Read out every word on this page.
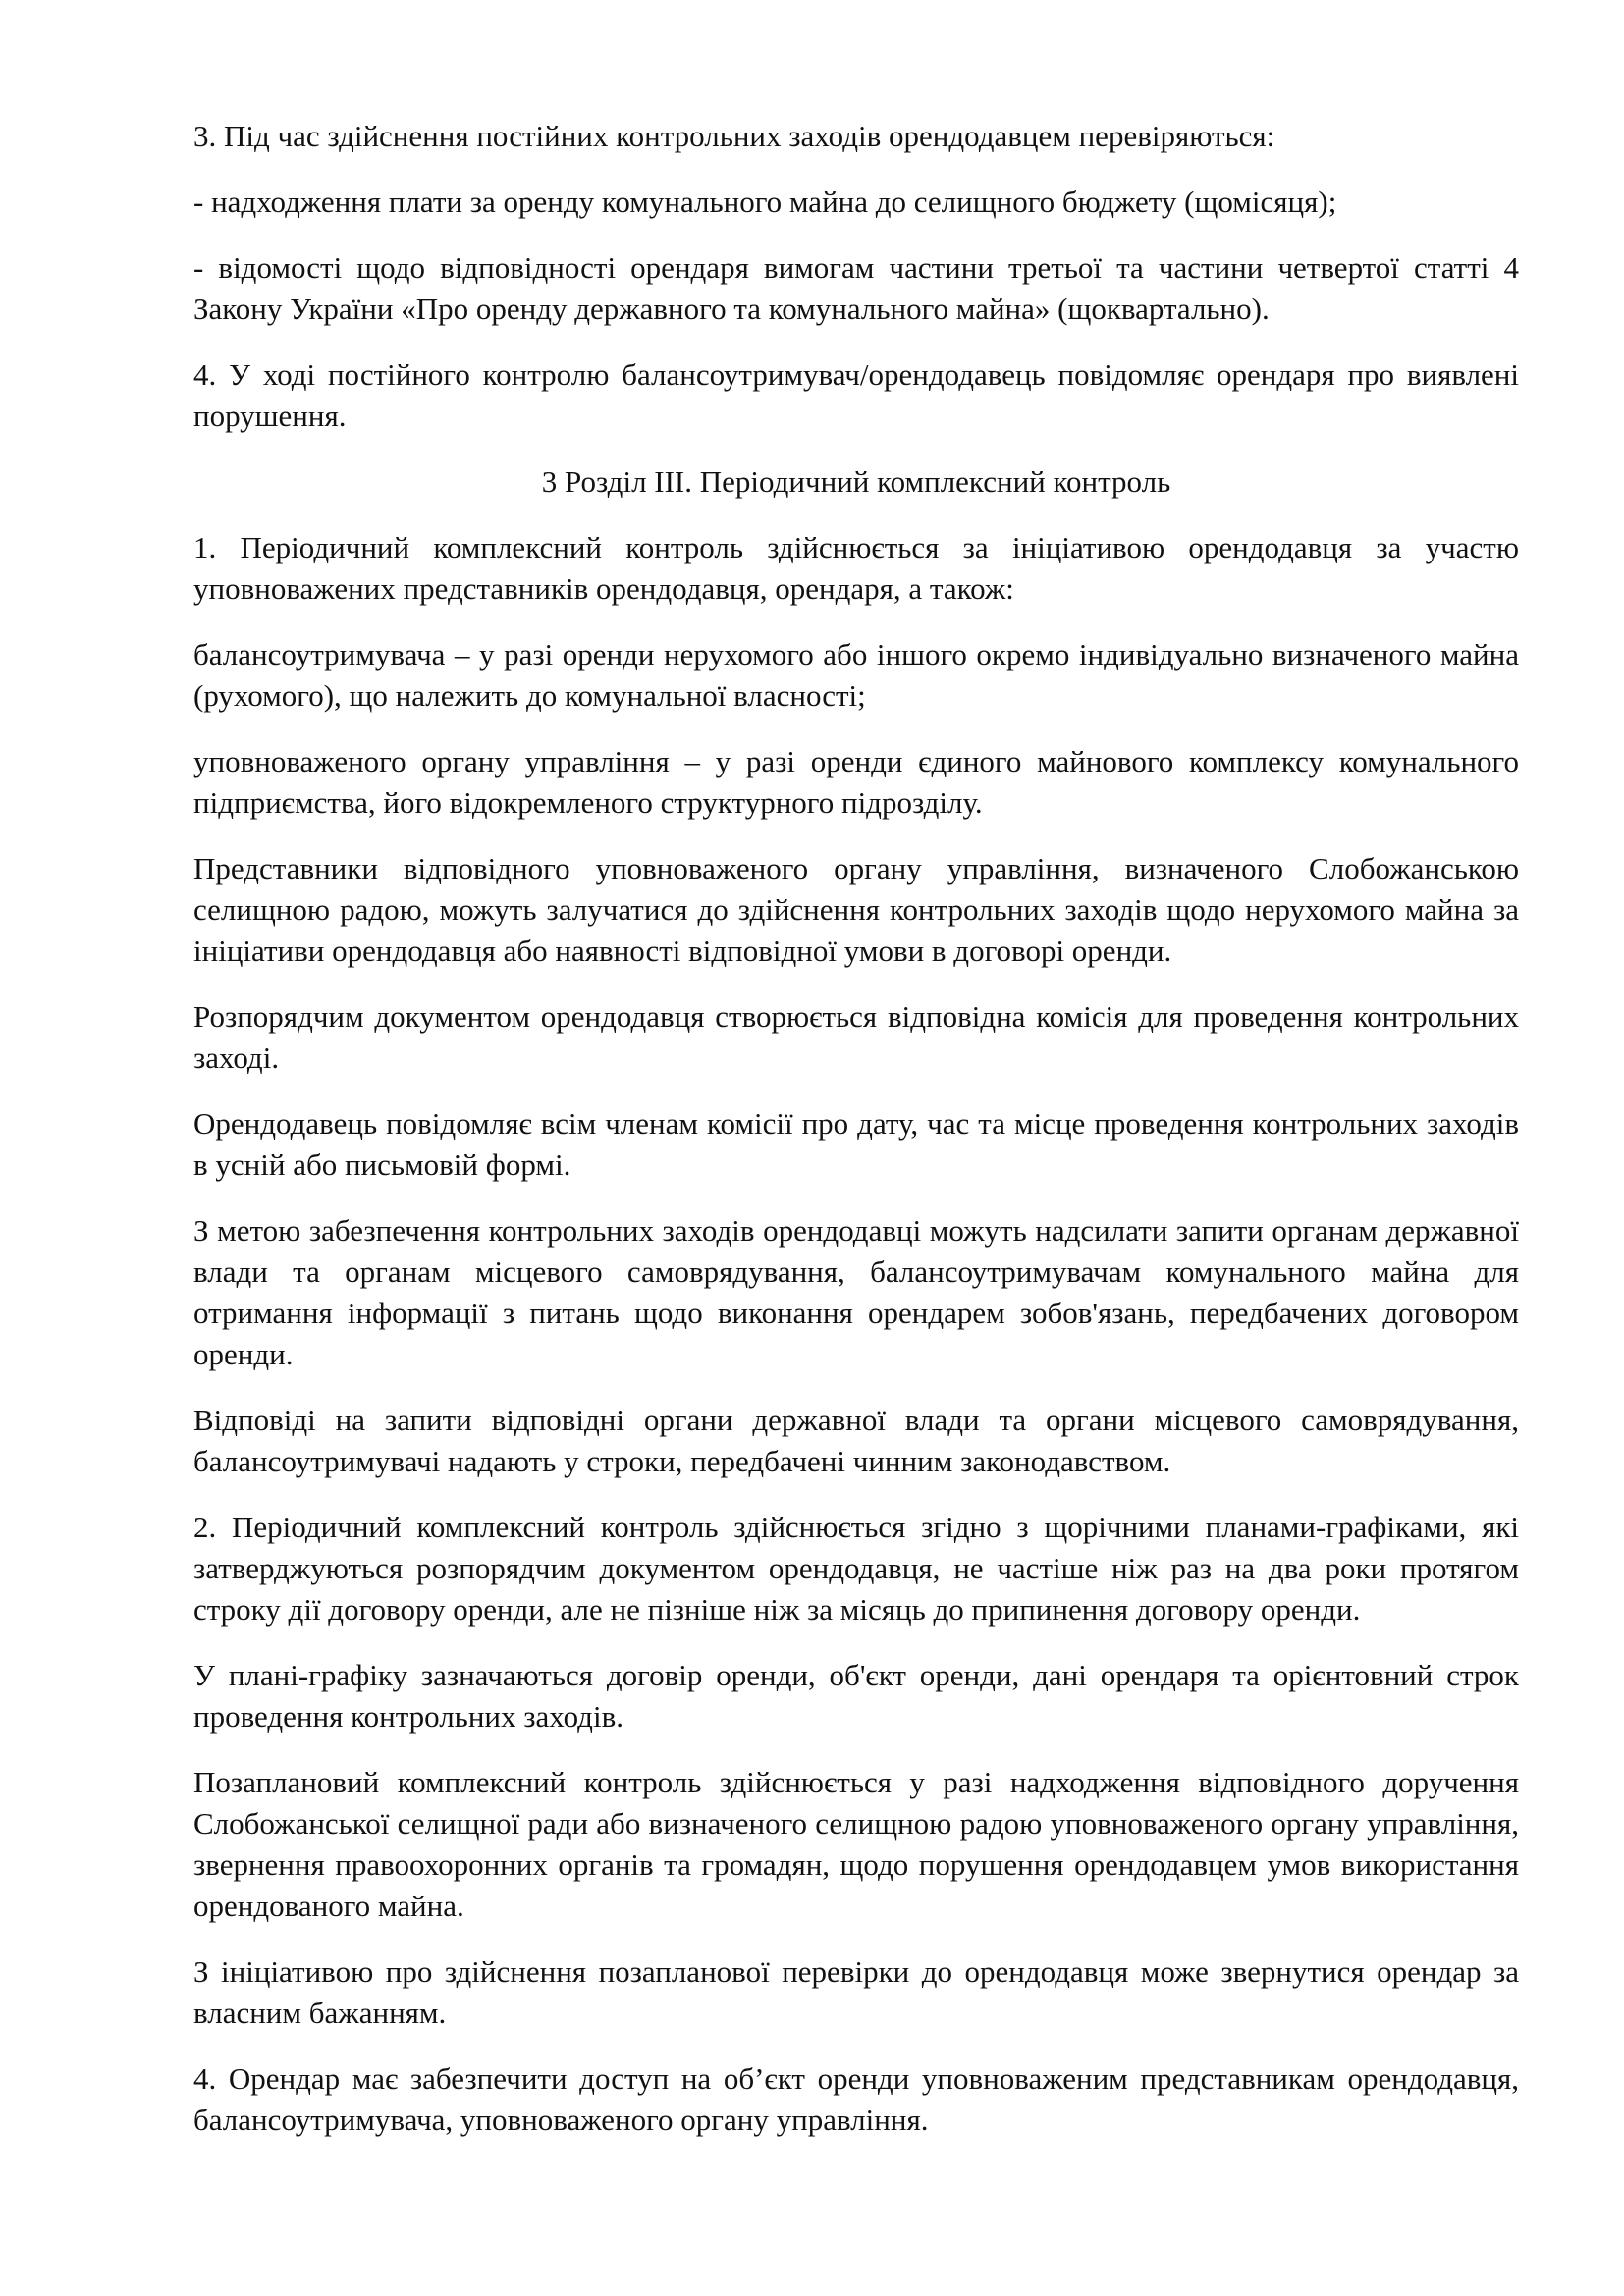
3. Під час здійснення постійних контрольних заходів орендодавцем перевіряються:

- надходження плати за оренду комунального майна до селищного бюджету (щомісяця);

- відомості щодо відповідності орендаря вимогам частини третьої та частини четвертої статті 4 Закону України «Про оренду державного та комунального майна» (щоквартально).

4. У ході постійного контролю балансоутримувач/орендодавець повідомляє орендаря про виявлені порушення.

3 Розділ ІІІ. Періодичний комплексний контроль

1. Періодичний комплексний контроль здійснюється за ініціативою орендодавця за участю уповноважених представників орендодавця, орендаря, а також:

балансоутримувача – у разі оренди нерухомого або іншого окремо індивідуально визначеного майна (рухомого), що належить до комунальної власності;

уповноваженого органу управління – у разі оренди єдиного майнового комплексу комунального підприємства, його відокремленого структурного підрозділу.

Представники відповідного уповноваженого органу управління, визначеного Слобожанською селищною радою, можуть залучатися до здійснення контрольних заходів щодо нерухомого майна за ініціативи орендодавця або наявності відповідної умови в договорі оренди.

Розпорядчим документом орендодавця створюється відповідна комісія для проведення контрольних заході.

Орендодавець повідомляє всім членам комісії про дату, час та місце проведення контрольних заходів в усній або письмовій формі.

З метою забезпечення контрольних заходів орендодавці можуть надсилати запити органам державної влади та органам місцевого самоврядування, балансоутримувачам комунального майна для отримання інформації з питань щодо виконання орендарем зобов'язань, передбачених договором оренди.

Відповіді на запити відповідні органи державної влади та органи місцевого самоврядування, балансоутримувачі надають у строки, передбачені чинним законодавством.

2. Періодичний комплексний контроль здійснюється згідно з щорічними планами-графіками, які затверджуються розпорядчим документом орендодавця, не частіше ніж раз на два роки протягом строку дії договору оренди, але не пізніше ніж за місяць до припинення договору оренди.

У плані-графіку зазначаються договір оренди, об'єкт оренди, дані орендаря та орієнтовний строк проведення контрольних заходів.

Позаплановий комплексний контроль здійснюється у разі надходження відповідного доручення Слобожанської селищної ради або визначеного селищною радою уповноваженого органу управління, звернення правоохоронних органів та громадян, щодо порушення орендодавцем умов використання орендованого майна.

З ініціативою про здійснення позапланової перевірки до орендодавця може звернутися орендар за власним бажанням.

4. Орендар має забезпечити доступ на об’єкт оренди уповноваженим представникам орендодавця, балансоутримувача, уповноваженого органу управління.
